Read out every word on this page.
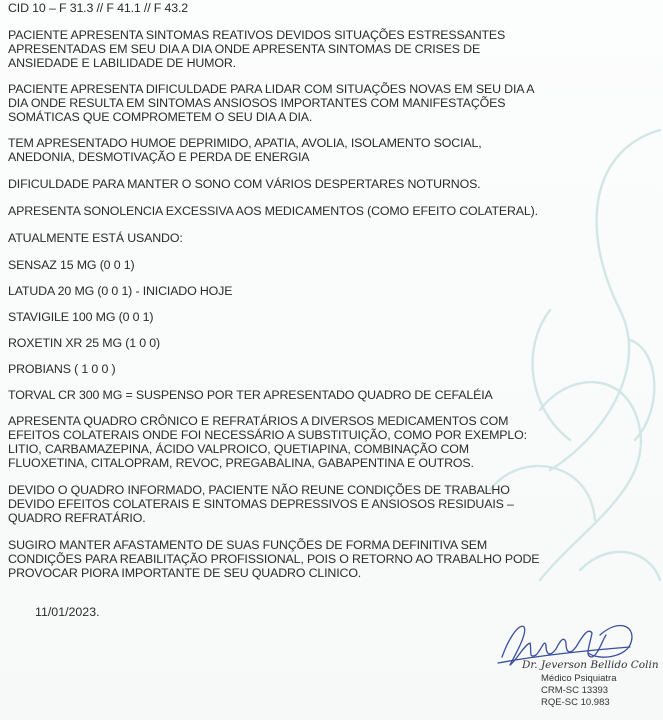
CID 10 – F 31.3 // F 41.1 // F 43.2
PACIENTE APRESENTA SINTOMAS REATIVOS DEVIDOS SITUAÇÕES ESTRESSANTES
APRESENTADAS EM SEU DIA A DIA ONDE APRESENTA SINTOMAS DE CRISES DE
ANSIEDADE E LABILIDADE DE HUMOR.
PACIENTE APRESENTA DIFICULDADE PARA LIDAR COM SITUAÇÕES NOVAS EM SEU DIA A
DIA ONDE RESULTA EM SINTOMAS ANSIOSOS IMPORTANTES COM MANIFESTAÇÕES
SOMÁTICAS QUE COMPROMETEM O SEU DIA A DIA.
TEM APRESENTADO HUMOE DEPRIMIDO, APATIA, AVOLIA, ISOLAMENTO SOCIAL,
ANEDONIA, DESMOTIVAÇÃO E PERDA DE ENERGIA
DIFICULDADE PARA MANTER O SONO COM VÁRIOS DESPERTARES NOTURNOS.
APRESENTA SONOLENCIA EXCESSIVA AOS MEDICAMENTOS (COMO EFEITO COLATERAL).
ATUALMENTE ESTÁ USANDO:
SENSAZ 15 MG (0 0 1)
LATUDA 20 MG (0 0 1) - INICIADO HOJE
STAVIGILE 100 MG (0 0 1)
ROXETIN XR 25 MG (1 0 0)
PROBIANS ( 1 0 0 )
TORVAL CR 300 MG = SUSPENSO POR TER APRESENTADO QUADRO DE CEFALÉIA
APRESENTA QUADRO CRÔNICO E REFRATÁRIOS A DIVERSOS MEDICAMENTOS COM
EFEITOS COLATERAIS ONDE FOI NECESSÁRIO A SUBSTITUIÇÃO, COMO POR EXEMPLO:
LITIO, CARBAMAZEPINA, ÁCIDO VALPROICO, QUETIAPINA, COMBINAÇÃO COM
FLUOXETINA, CITALOPRAM, REVOC, PREGABALINA, GABAPENTINA E OUTROS.
DEVIDO O QUADRO INFORMADO, PACIENTE NÃO REUNE CONDIÇÕES DE TRABALHO
DEVIDO EFEITOS COLATERAIS E SINTOMAS DEPRESSIVOS E ANSIOSOS RESIDUAIS –
QUADRO REFRATÁRIO.
SUGIRO MANTER AFASTAMENTO DE SUAS FUNÇÕES DE FORMA DEFINITIVA SEM
CONDIÇÕES PARA REABILITAÇÃO PROFISSIONAL, POIS O RETORNO AO TRABALHO PODE
PROVOCAR PIORA IMPORTANTE DE SEU QUADRO CLINICO.
11/01/2023.
Dr. Jeverson Bellido Colin
Médico Psiquiatra
CRM-SC 13393
RQE-SC 10.983
